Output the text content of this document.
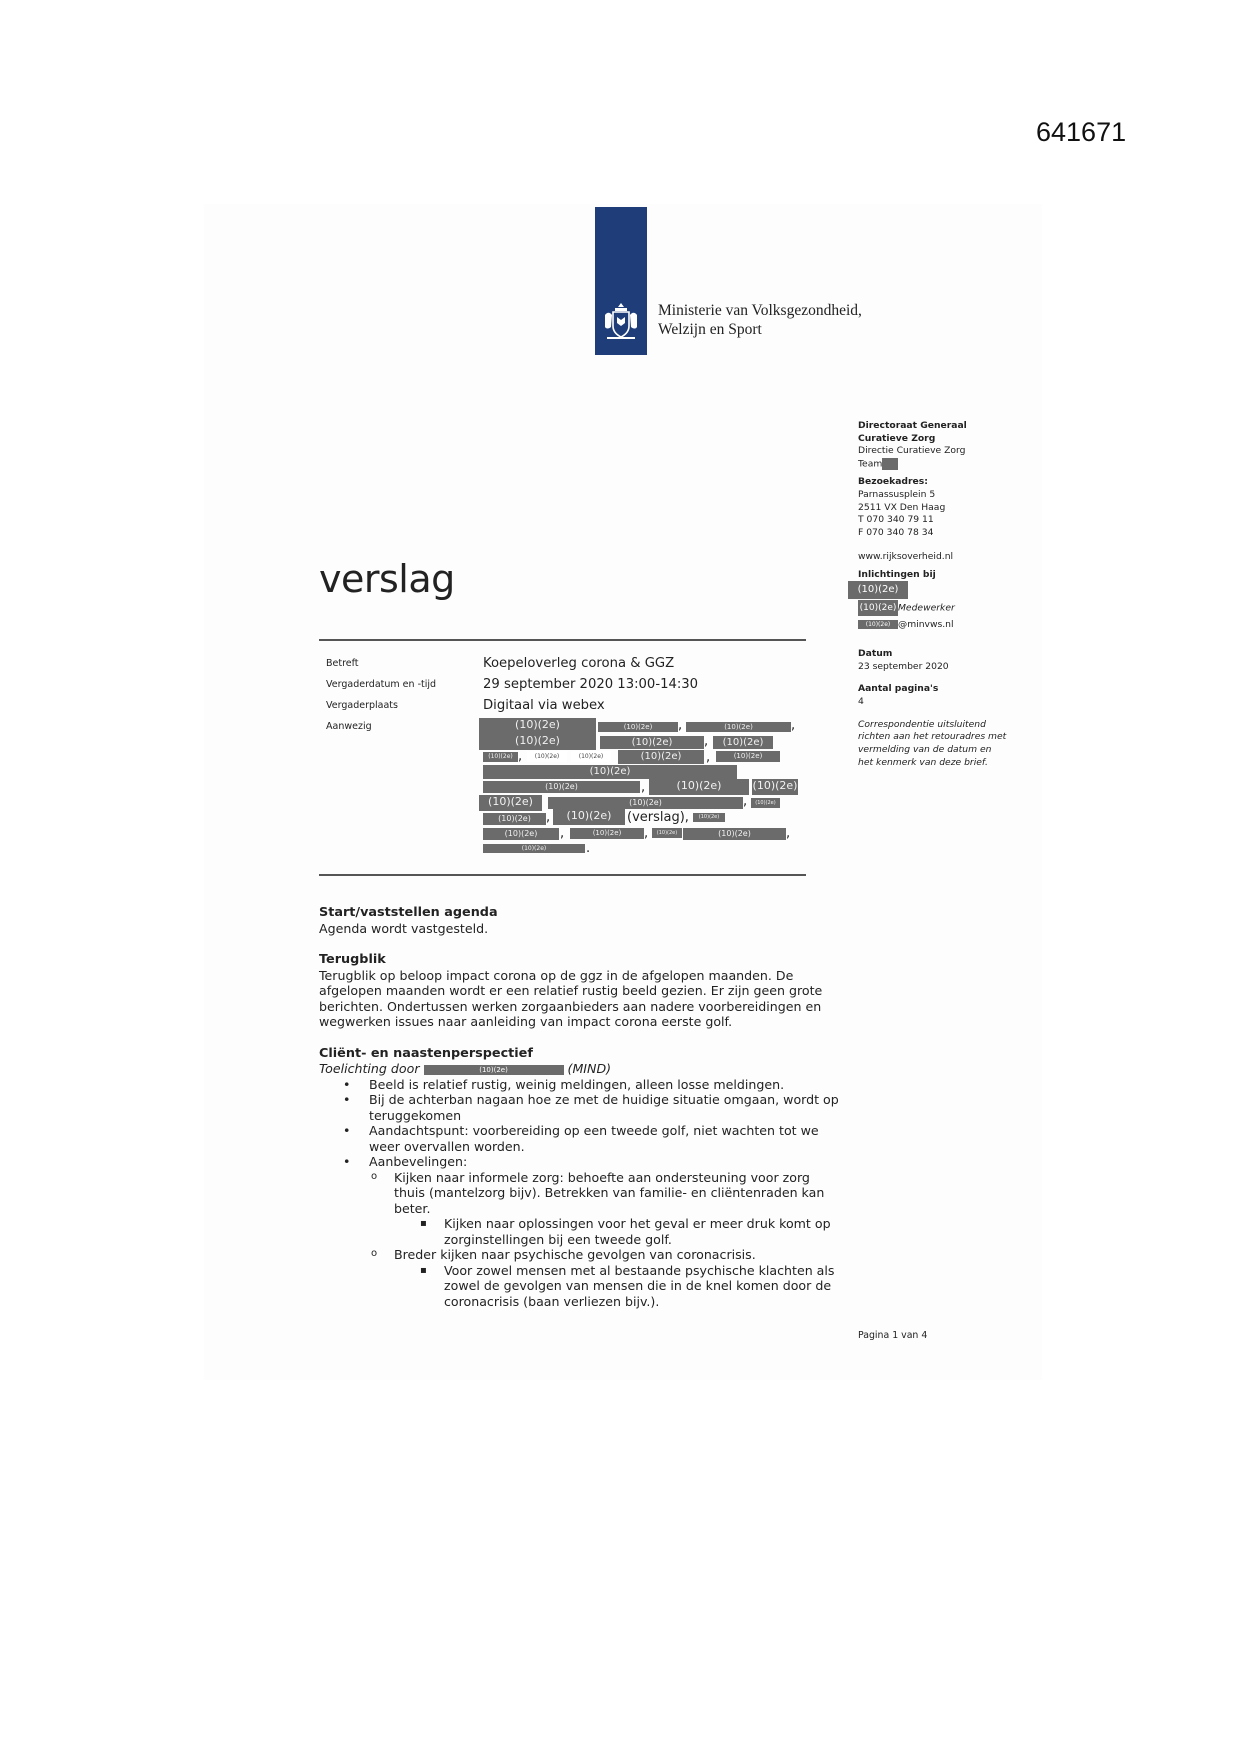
641671
Ministerie van Volksgezondheid,
Welzijn en Sport
Directoraat Generaal
Curatieve Zorg
Directie Curatieve Zorg
Team
Bezoekadres:
Parnassusplein 5
2511 VX Den Haag
T 070 340 79 11
F 070 340 78 34
www.rijksoverheid.nl
Inlichtingen bij
(10)(2e)
(10)(2e) Medewerker
(10)(2e) @minvws.nl
Datum
23 september 2020
Aantal pagina's
4
Correspondentie uitsluitend richten aan het retouradres met vermelding van de datum en het kenmerk van deze brief.
verslag
Betreft	Koepeloverleg corona & GGZ
Vergaderdatum en -tijd	29 september 2020 13:00-14:30
Vergaderplaats	Digitaal via webex
Aanwezig	(10)(2e)	(10)(2e)	,	(10)(2e)	,
(10)(2e)	(10)(2e)	,	(10)(2e)
(10)(2e) ,	(10)(2e)	(10)(2e)	(10)(2e)	,	(10)(2e)
(10)(2e)
(10)(2e)	,	(10)(2e)	(10)(2e)
(10)(2e)	(10)(2e)	,	(10)(2e)
(10)(2e)	,	(10)(2e)	(verslag),	(10)(2e)
(10)(2e)	,	(10)(2e)	,	(10)(2e)	(10)(2e)	,
(10)(2e)	.
Start/vaststellen agenda

Agenda wordt vastgesteld.

Terugblik

Terugblik op beloop impact corona op de ggz in de afgelopen maanden. De afgelopen maanden wordt er een relatief rustig beeld gezien. Er zijn geen grote berichten. Ondertussen werken zorgaanbieders aan nadere voorbereidingen en wegwerken issues naar aanleiding van impact corona eerste golf.

Cliënt- en naastenperspectief

Toelichting door	(10)(2e)	(MIND)

• Beeld is relatief rustig, weinig meldingen, alleen losse meldingen.
• Bij de achterban nagaan hoe ze met de huidige situatie omgaan, wordt op teruggekomen
• Aandachtspunt: voorbereiding op een tweede golf, niet wachten tot we weer overvallen worden.
• Aanbevelingen:
o Kijken naar informele zorg: behoefte aan ondersteuning voor zorg thuis (mantelzorg bijv). Betrekken van familie- en cliëntenraden kan beter.
▪ Kijken naar oplossingen voor het geval er meer druk komt op zorginstellingen bij een tweede golf.
o Breder kijken naar psychische gevolgen van coronacrisis.
▪ Voor zowel mensen met al bestaande psychische klachten als zowel de gevolgen van mensen die in de knel komen door de coronacrisis (baan verliezen bijv.).
Pagina 1 van 4
